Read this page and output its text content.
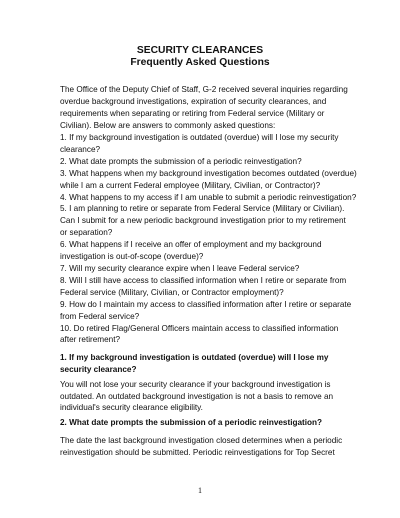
SECURITY CLEARANCES
Frequently Asked Questions

The Office of the Deputy Chief of Staff, G-2 received several inquiries regarding

overdue background investigations, expiration of security clearances, and

requirements when separating or retiring from Federal service (Military or

Civilian). Below are answers to commonly asked questions:

1. If my background investigation is outdated (overdue) will I lose my security

clearance?

2. What date prompts the submission of a periodic reinvestigation?

3. What happens when my background investigation becomes outdated (overdue)

while I am a current Federal employee (Military, Civilian, or Contractor)?

4. What happens to my access if I am unable to submit a periodic reinvestigation?

5. I am planning to retire or separate from Federal Service (Military or Civilian).

Can I submit for a new periodic background investigation prior to my retirement

or separation?

6. What happens if I receive an offer of employment and my background

investigation is out-of-scope (overdue)?

7. Will my security clearance expire when I leave Federal service?

8. Will I still have access to classified information when I retire or separate from

Federal service (Military, Civilian, or Contractor employment)?

9. How do I maintain my access to classified information after I retire or separate

from Federal service?

10. Do retired Flag/General Officers maintain access to classified information

after retirement?

1. If my background investigation is outdated (overdue) will I lose my
security clearance?
You will not lose your security clearance if your background investigation is
outdated. An outdated background investigation is not a basis to remove an
individual's security clearance eligibility.
2. What date prompts the submission of a periodic reinvestigation?
The date the last background investigation closed determines when a periodic
reinvestigation should be submitted. Periodic reinvestigations for Top Secret
1
